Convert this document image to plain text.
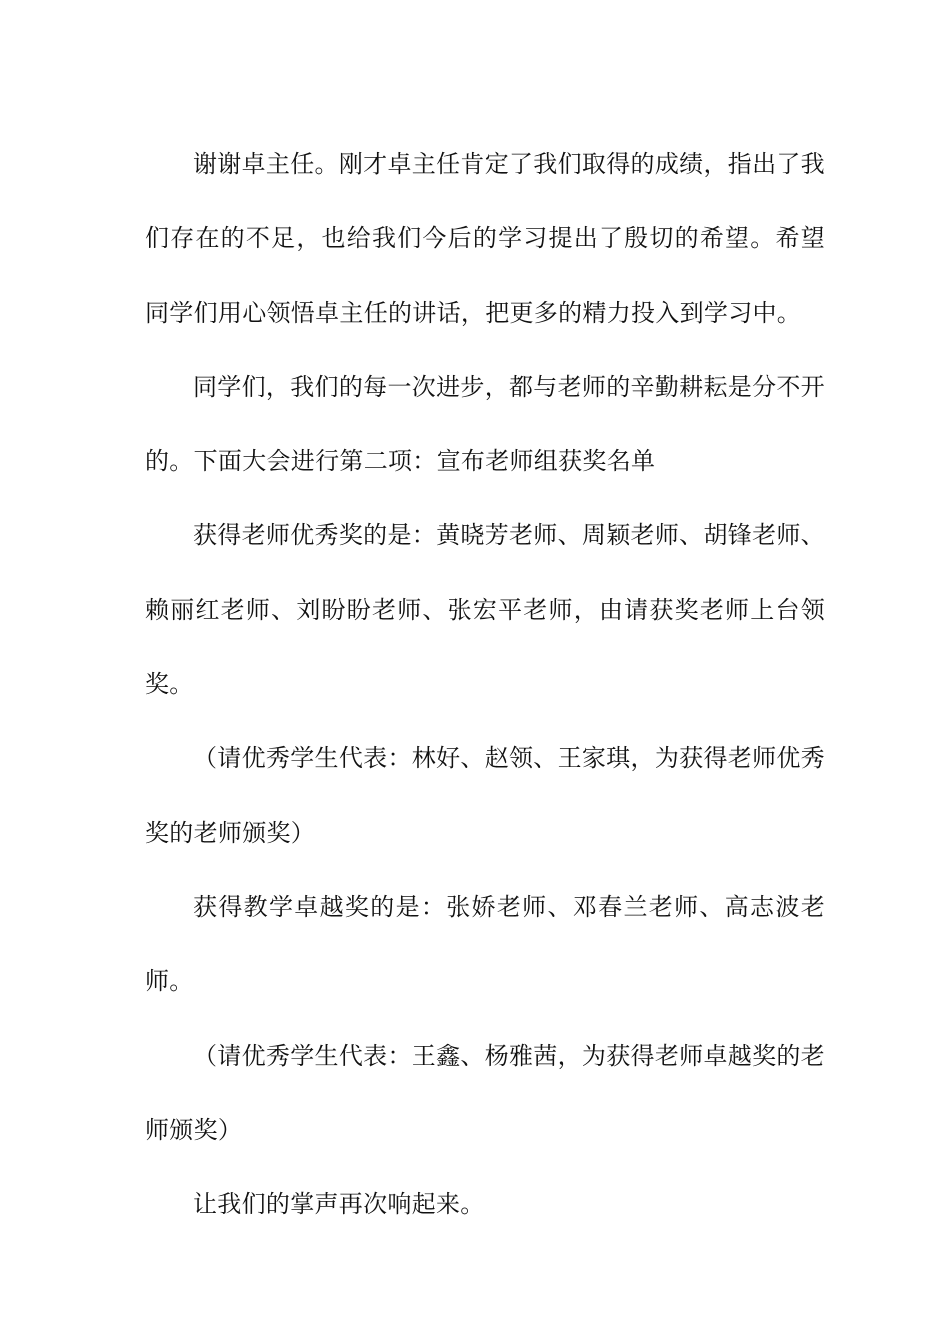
谢谢卓主任。刚才卓主任肯定了我们取得的成绩，指出了我们存在的不足，也给我们今后的学习提出了殷切的希望。希望同学们用心领悟卓主任的讲话，把更多的精力投入到学习中。

同学们，我们的每一次进步，都与老师的辛勤耕耘是分不开的。下面大会进行第二项：宣布老师组获奖名单

获得老师优秀奖的是：黄晓芳老师、周颖老师、胡锋老师、赖丽红老师、刘盼盼老师、张宏平老师，由请获奖老师上台领奖。

（请优秀学生代表：林好、赵领、王家琪，为获得老师优秀奖的老师颁奖）

获得教学卓越奖的是：张娇老师、邓春兰老师、高志波老师。

（请优秀学生代表：王鑫、杨雅茜，为获得老师卓越奖的老师颁奖）

让我们的掌声再次响起来。
